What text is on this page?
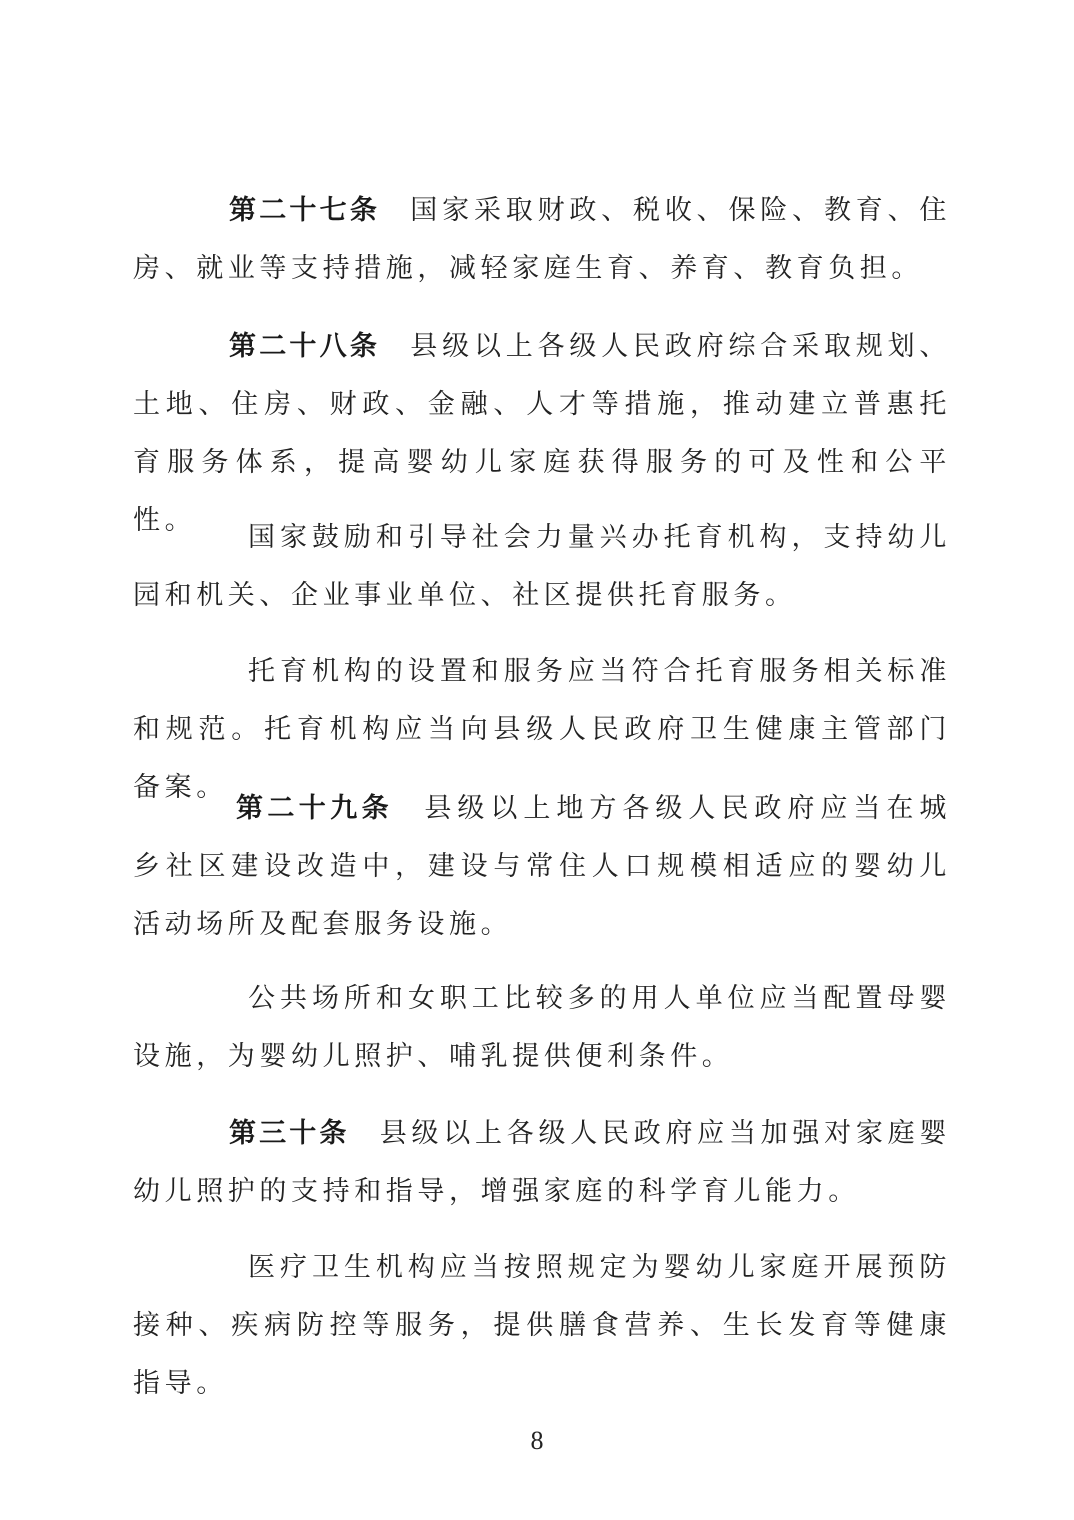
第二十七条 国家采取财政、税收、保险、教育、住房、就业等支持措施，减轻家庭生育、养育、教育负担。

第二十八条 县级以上各级人民政府综合采取规划、土地、住房、财政、金融、人才等措施，推动建立普惠托育服务体系，提高婴幼儿家庭获得服务的可及性和公平性。

国家鼓励和引导社会力量兴办托育机构，支持幼儿园和机关、企业事业单位、社区提供托育服务。

托育机构的设置和服务应当符合托育服务相关标准和规范。托育机构应当向县级人民政府卫生健康主管部门备案。

第二十九条 县级以上地方各级人民政府应当在城乡社区建设改造中，建设与常住人口规模相适应的婴幼儿活动场所及配套服务设施。

公共场所和女职工比较多的用人单位应当配置母婴设施，为婴幼儿照护、哺乳提供便利条件。

第三十条 县级以上各级人民政府应当加强对家庭婴幼儿照护的支持和指导，增强家庭的科学育儿能力。

医疗卫生机构应当按照规定为婴幼儿家庭开展预防接种、疾病防控等服务，提供膳食营养、生长发育等健康指导。

8
